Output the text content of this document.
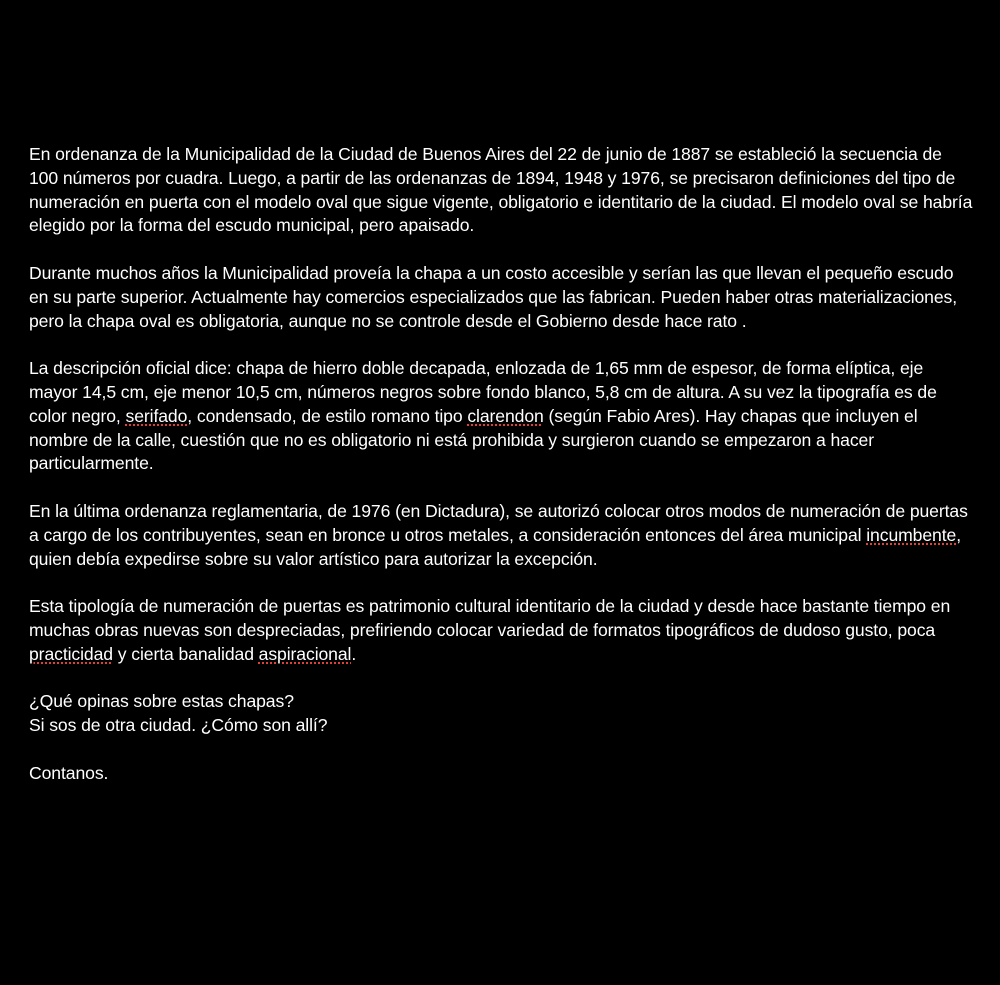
En ordenanza de la Municipalidad de la Ciudad de Buenos Aires del 22 de junio de 1887 se estableció la secuencia de 100 números por cuadra. Luego, a partir de las ordenanzas de 1894, 1948 y 1976, se precisaron definiciones del tipo de numeración en puerta con el modelo oval que sigue vigente, obligatorio e identitario de la ciudad. El modelo oval se habría elegido por la forma del escudo municipal, pero apaisado.

Durante muchos años la Municipalidad proveía la chapa a un costo accesible y serían las que llevan el pequeño escudo en su parte superior. Actualmente hay comercios especializados que las fabrican. Pueden haber otras materializaciones, pero la chapa oval es obligatoria, aunque no se controle desde el Gobierno desde hace rato .

La descripción oficial dice: chapa de hierro doble decapada, enlozada de 1,65 mm de espesor, de forma elíptica, eje mayor 14,5 cm, eje menor 10,5 cm, números negros sobre fondo blanco, 5,8 cm de altura. A su vez la tipografía es de color negro, serifado, condensado, de estilo romano tipo clarendon (según Fabio Ares). Hay chapas que incluyen el nombre de la calle, cuestión que no es obligatorio ni está prohibida y surgieron cuando se empezaron a hacer particularmente.

En la última ordenanza reglamentaria, de 1976 (en Dictadura), se autorizó colocar otros modos de numeración de puertas a cargo de los contribuyentes, sean en bronce u otros metales, a consideración entonces del área municipal incumbente, quien debía expedirse sobre su valor artístico para autorizar la excepción.

Esta tipología de numeración de puertas es patrimonio cultural identitario de la ciudad y desde hace bastante tiempo en muchas obras nuevas son despreciadas, prefiriendo colocar variedad de formatos tipográficos de dudoso gusto, poca practicidad y cierta banalidad aspiracional.

¿Qué opinas sobre estas chapas?
Si sos de otra ciudad. ¿Cómo son allí?

Contanos.
